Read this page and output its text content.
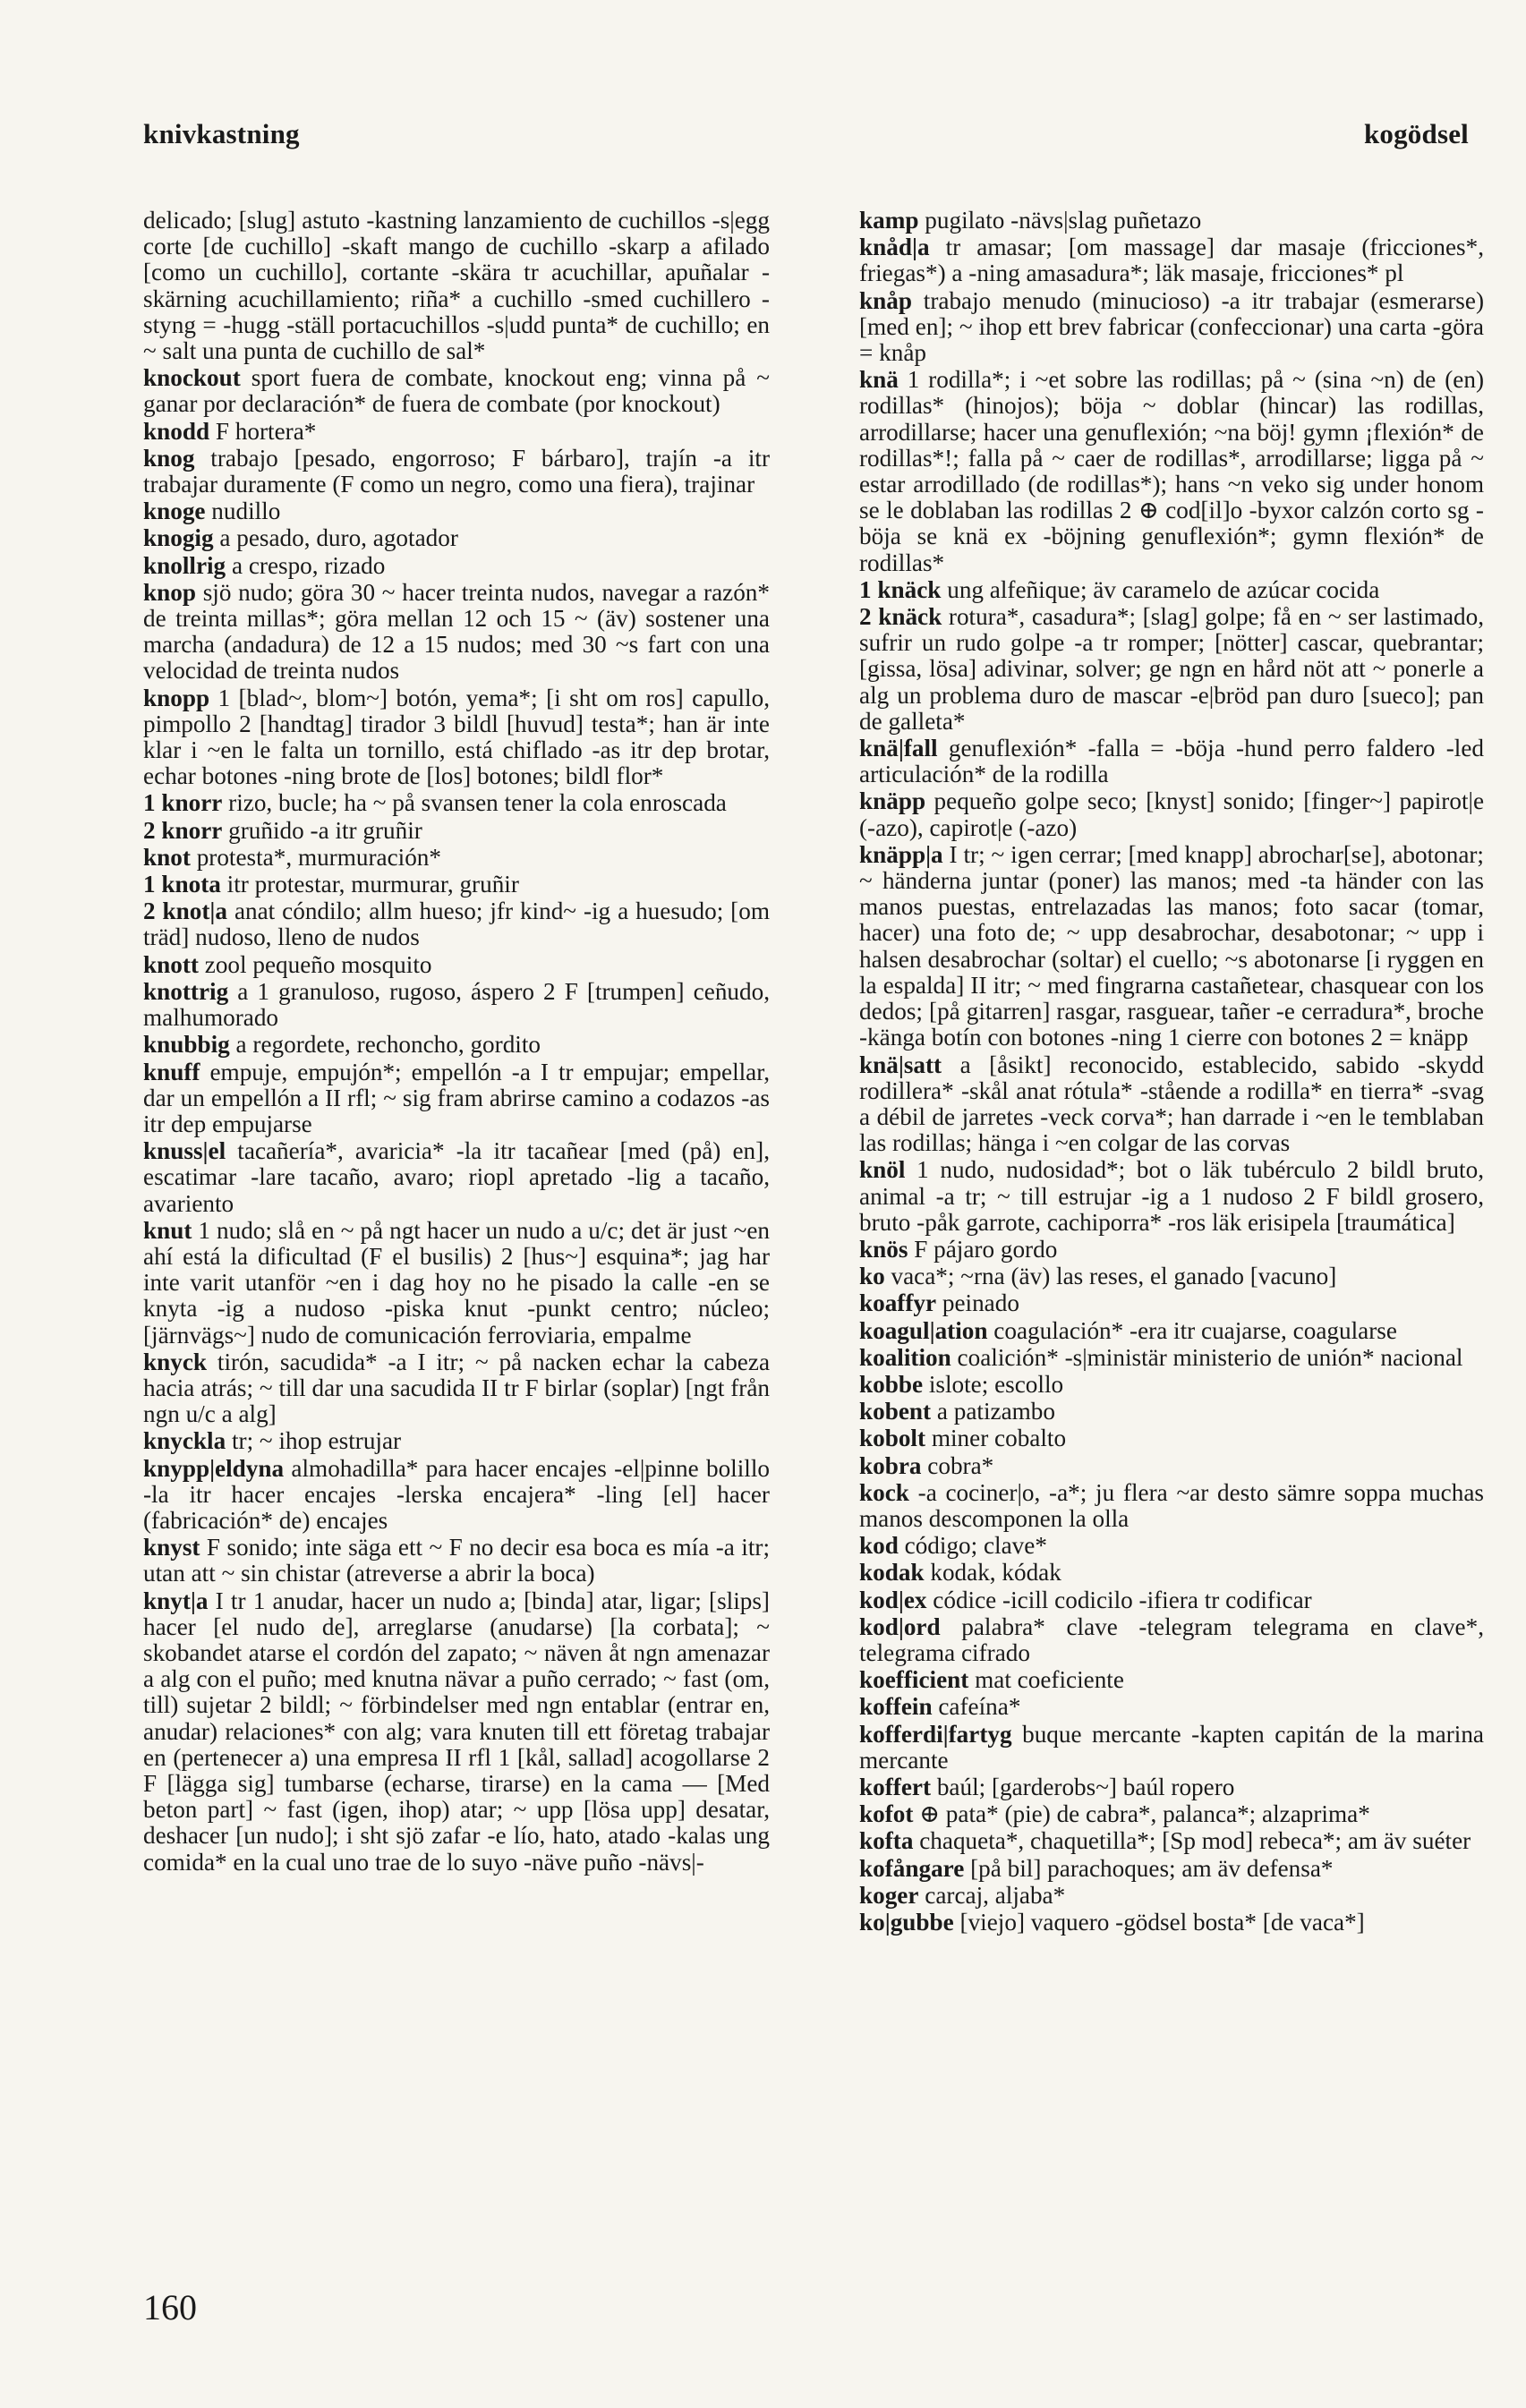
knivkastning	kogödsel

delicado; [slug] astuto -kastning lanzamiento de cuchillos -s|egg corte [de cuchillo] -skaft mango de cuchillo -skarp a afilado [como un cuchillo], cortante -skära tr acuchillar, apuñalar -skärning acuchillamiento; riña* a cuchillo -smed cuchillero -styng = -hugg -ställ portacuchillos -s|udd punta* de cuchillo; en ~ salt una punta de cuchillo de sal*

knockout sport fuera de combate, knockout eng; vinna på ~ ganar por declaración* de fuera de combate (por knockout)

knodd F hortera*

knog trabajo [pesado, engorroso; F bárbaro], trajín -a itr trabajar duramente (F como un negro, como una fiera), trajinar

knoge nudillo

knogig a pesado, duro, agotador

knollrig a crespo, rizado

knop sjö nudo; göra 30 ~ hacer treinta nudos, navegar a razón* de treinta millas*; göra mellan 12 och 15 ~ (äv) sostener una marcha (andadura) de 12 a 15 nudos; med 30 ~s fart con una velocidad de treinta nudos

knopp 1 [blad~, blom~] botón, yema*; [i sht om ros] capullo, pimpollo 2 [handtag] tirador 3 bildl [huvud] testa*; han är inte klar i ~en le falta un tornillo, está chiflado -as itr dep brotar, echar botones -ning brote de [los] botones; bildl flor*

1 knorr rizo, bucle; ha ~ på svansen tener la cola enroscada

2 knorr gruñido -a itr gruñir

knot protesta*, murmuración*

1 knota itr protestar, murmurar, gruñir

2 knot|a anat cóndilo; allm hueso; jfr kind~ -ig a huesudo; [om träd] nudoso, lleno de nudos

knott zool pequeño mosquito

knottrig a 1 granuloso, rugoso, áspero 2 F [trumpen] ceñudo, malhumorado

knubbig a regordete, rechoncho, gordito

knuff empuje, empujón*; empellón -a I tr empujar; empellar, dar un empellón a II rfl; ~ sig fram abrirse camino a codazos -as itr dep empujarse

knuss|el tacañería*, avaricia* -la itr tacañear [med (på) en], escatimar -lare tacaño, avaro; riopl apretado -lig a tacaño, avariento

knut 1 nudo; slå en ~ på ngt hacer un nudo a u/c; det är just ~en ahí está la dificultad (F el busilis) 2 [hus~] esquina*; jag har inte varit utanför ~en i dag hoy no he pisado la calle -en se knyta -ig a nudoso -piska knut -punkt centro; núcleo; [järnvägs~] nudo de comunicación ferroviaria, empalme

knyck tirón, sacudida* -a I itr; ~ på nacken echar la cabeza hacia atrás; ~ till dar una sacudida II tr F birlar (soplar) [ngt från ngn u/c a alg]

knyckla tr; ~ ihop estrujar

knypp|eldyna almohadilla* para hacer encajes -el|pinne bolillo -la itr hacer encajes -lerska encajera* -ling [el] hacer (fabricación* de) encajes

knyst F sonido; inte säga ett ~ F no decir esa boca es mía -a itr; utan att ~ sin chistar (atreverse a abrir la boca)

knyt|a I tr 1 anudar, hacer un nudo a; [binda] atar, ligar; [slips] hacer [el nudo de], arreglarse (anudarse) [la corbata]; ~ skobandet atarse el cordón del zapato; ~ näven åt ngn amenazar a alg con el puño; med knutna nävar a puño cerrado; ~ fast (om, till) sujetar 2 bildl; ~ förbindelser med ngn entablar (entrar en, anudar) relaciones* con alg; vara knuten till ett företag trabajar en (pertenecer a) una empresa II rfl 1 [kål, sallad] acogollarse 2 F [lägga sig] tumbarse (echarse, tirarse) en la cama — [Med beton part] ~ fast (igen, ihop) atar; ~ upp [lösa upp] desatar, deshacer [un nudo]; i sht sjö zafar -e lío, hato, atado -kalas ung comida* en la cual uno trae de lo suyo -näve puño -nävs|-

kamp pugilato -nävs|slag puñetazo

knåd|a tr amasar; [om massage] dar masaje (fricciones*, friegas*) a -ning amasadura*; läk masaje, fricciones* pl

knåp trabajo menudo (minucioso) -a itr trabajar (esmerarse) [med en]; ~ ihop ett brev fabricar (confeccionar) una carta -göra = knåp

knä 1 rodilla*; i ~et sobre las rodillas; på ~ (sina ~n) de (en) rodillas* (hinojos); böja ~ doblar (hincar) las rodillas, arrodillarse; hacer una genuflexión; ~na böj! gymn ¡flexión* de rodillas*!; falla på ~ caer de rodillas*, arrodillarse; ligga på ~ estar arrodillado (de rodillas*); hans ~n veko sig under honom se le doblaban las rodillas 2 ⊕ cod[il]o -byxor calzón corto sg -böja se knä ex -böjning genuflexión*; gymn flexión* de rodillas*

1 knäck ung alfeñique; äv caramelo de azúcar cocida

2 knäck rotura*, casadura*; [slag] golpe; få en ~ ser lastimado, sufrir un rudo golpe -a tr romper; [nötter] cascar, quebrantar; [gissa, lösa] adivinar, solver; ge ngn en hård nöt att ~ ponerle a alg un problema duro de mascar -e|bröd pan duro [sueco]; pan de galleta*

knä|fall genuflexión* -falla = -böja -hund perro faldero -led articulación* de la rodilla

knäpp pequeño golpe seco; [knyst] sonido; [finger~] papirot|e (-azo), capirot|e (-azo)

knäpp|a I tr; ~ igen cerrar; [med knapp] abrochar[se], abotonar; ~ händerna juntar (poner) las manos; med -ta händer con las manos puestas, entrelazadas las manos; foto sacar (tomar, hacer) una foto de; ~ upp desabrochar, desabotonar; ~ upp i halsen desabrochar (soltar) el cuello; ~s abotonarse [i ryggen en la espalda] II itr; ~ med fingrarna castañetear, chasquear con los dedos; [på gitarren] rasgar, rasguear, tañer -e cerradura*, broche -känga botín con botones -ning 1 cierre con botones 2 = knäpp

knä|satt a [åsikt] reconocido, establecido, sabido -skydd rodillera* -skål anat rótula* -stående a rodilla* en tierra* -svag a débil de jarretes -veck corva*; han darrade i ~en le temblaban las rodillas; hänga i ~en colgar de las corvas

knöl 1 nudo, nudosidad*; bot o läk tubérculo 2 bildl bruto, animal -a tr; ~ till estrujar -ig a 1 nudoso 2 F bildl grosero, bruto -påk garrote, cachiporra* -ros läk erisipela [traumática]

knös F pájaro gordo

ko vaca*; ~rna (äv) las reses, el ganado [vacuno]

koaffyr peinado

koagul|ation coagulación* -era itr cuajarse, coagularse

koalition coalición* -s|ministär ministerio de unión* nacional

kobbe islote; escollo

kobent a patizambo

kobolt miner cobalto

kobra cobra*

kock -a cociner|o, -a*; ju flera ~ar desto sämre soppa muchas manos descomponen la olla

kod código; clave*

kodak kodak, kódak

kod|ex códice -icill codicilo -ifiera tr codificar

kod|ord palabra* clave -telegram telegrama en clave*, telegrama cifrado

koefficient mat coeficiente

koffein cafeína*

kofferdi|fartyg buque mercante -kapten capitán de la marina mercante

koffert baúl; [garderobs~] baúl ropero

kofot ⊕ pata* (pie) de cabra*, palanca*; alzaprima*

kofta chaqueta*, chaquetilla*; [Sp mod] rebeca*; am äv suéter

kofångare [på bil] parachoques; am äv defensa*

koger carcaj, aljaba*

ko|gubbe [viejo] vaquero -gödsel bosta* [de vaca*]

160
